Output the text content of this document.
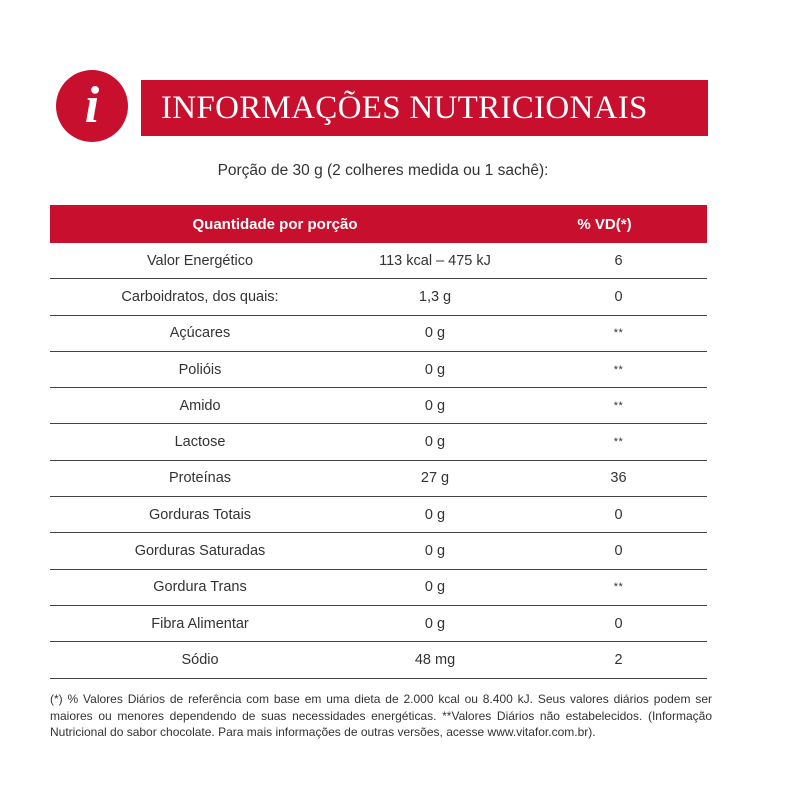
i	INFORMAÇÕES NUTRICIONAIS
Porção de 30 g (2 colheres medida ou 1 sachê):
Quantidade por porção	% VD(*)
Valor Energético	113 kcal – 475 kJ	6
Carboidratos, dos quais:	1,3 g	0
Açúcares	0 g	**
Polióis	0 g	**
Amido	0 g	**
Lactose	0 g	**
Proteínas	27 g	36
Gorduras Totais	0 g	0
Gorduras Saturadas	0 g	0
Gordura Trans	0 g	**
Fibra Alimentar	0 g	0
Sódio	48 mg	2
(*) % Valores Diários de referência com base em uma dieta de 2.000 kcal ou 8.400 kJ. Seus valores diários podem ser maiores ou menores dependendo de suas necessidades energéticas. **Valores Diários não estabelecidos. (Informação Nutricional do sabor chocolate. Para mais informações de outras versões, acesse www.vitafor.com.br).
